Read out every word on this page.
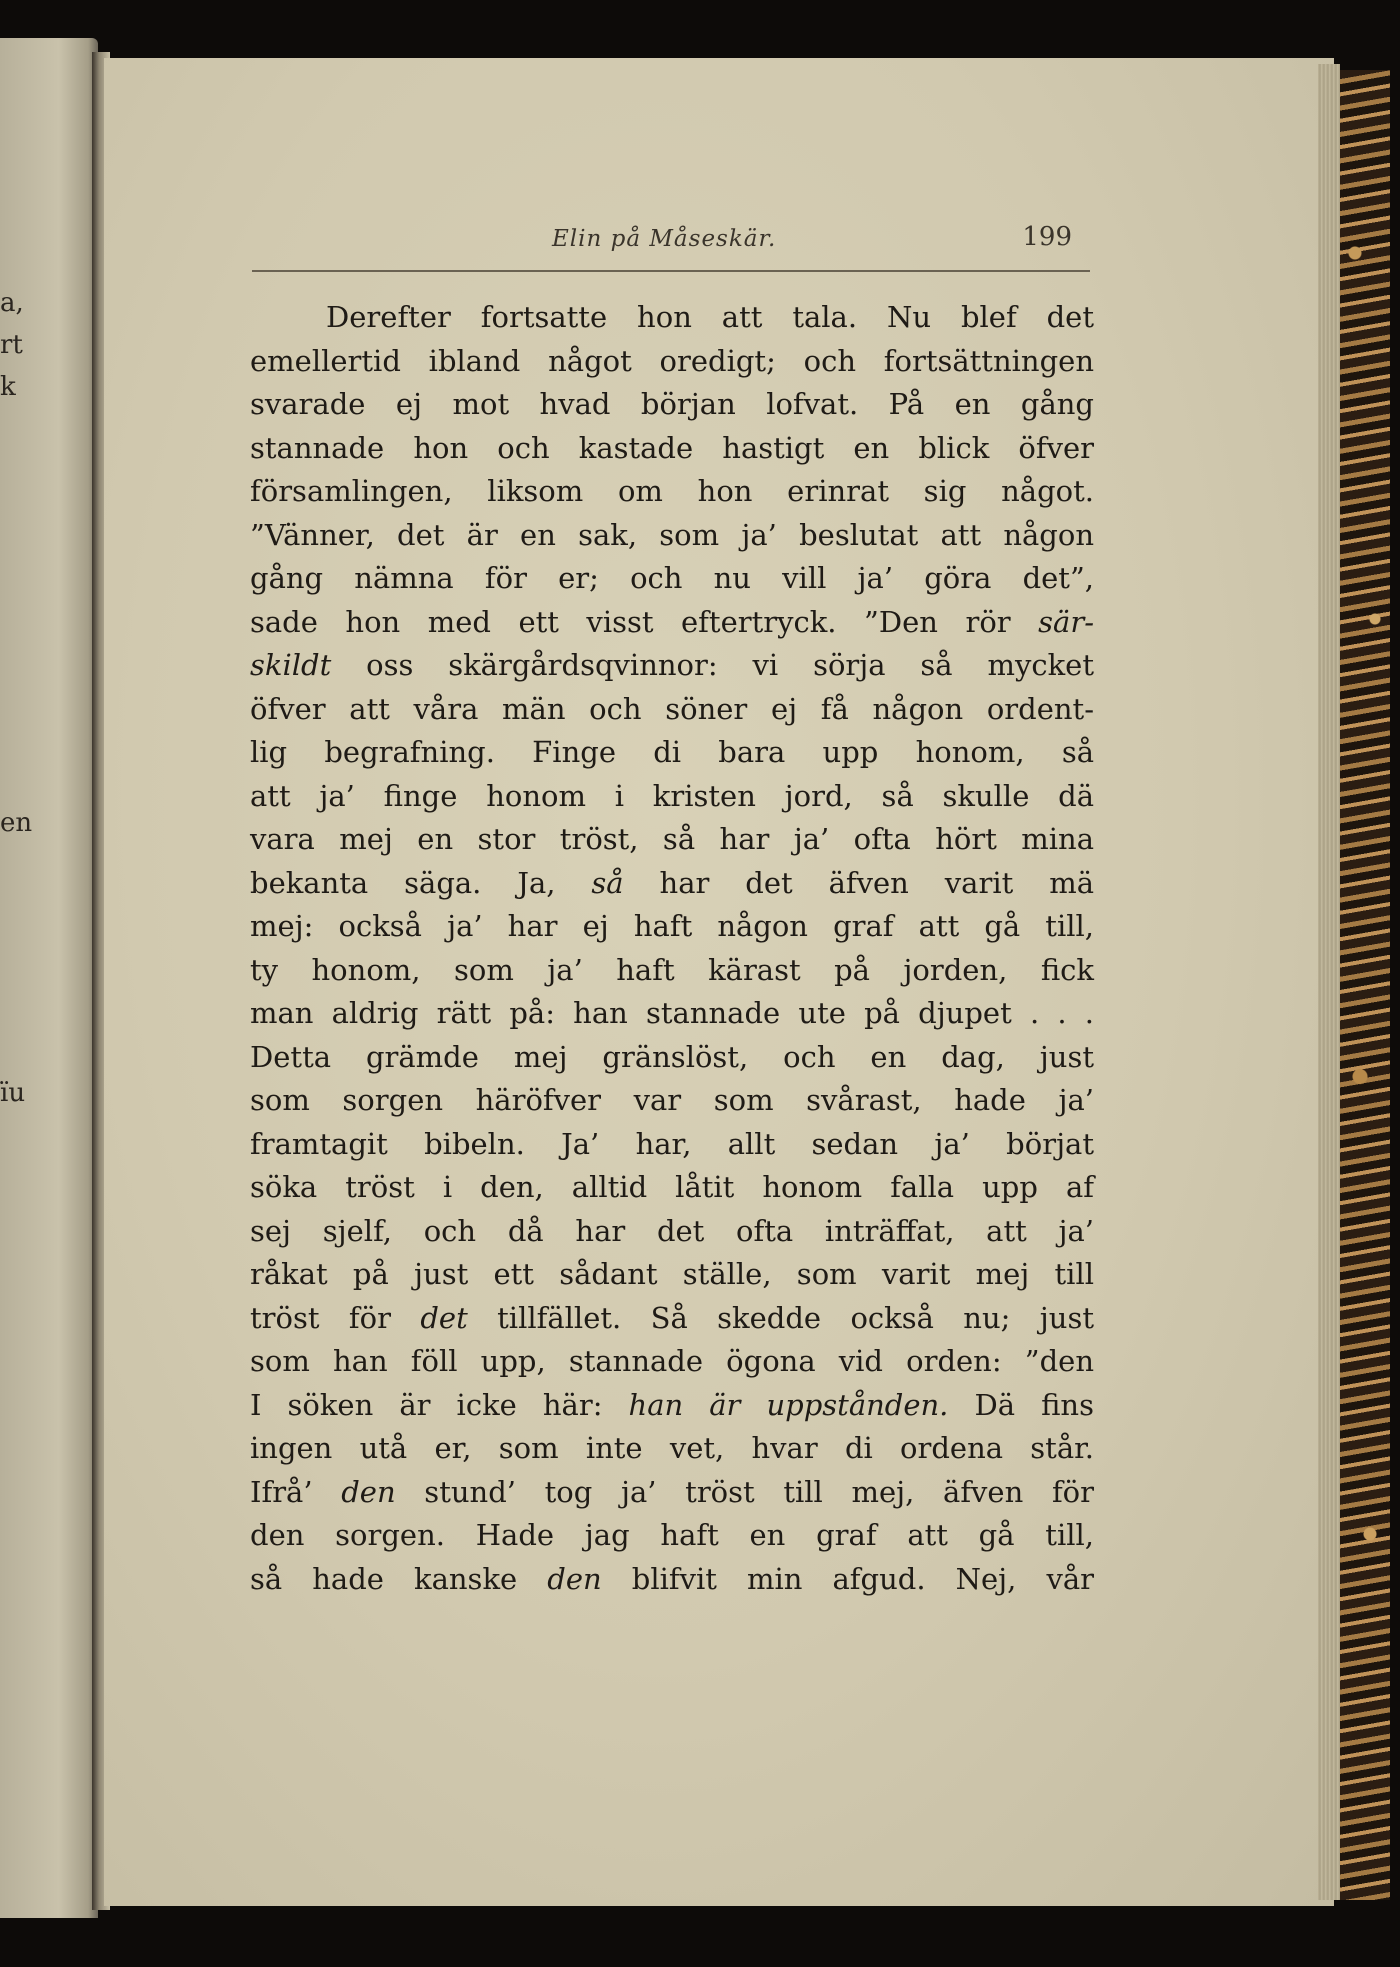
a,
rt
k
en
ïu
Elin på Måseskär.	199
Derefter fortsatte hon att tala. Nu blef det
emellertid ibland något oredigt; och fortsättningen
svarade ej mot hvad början lofvat. På en gång
stannade hon och kastade hastigt en blick öfver
församlingen, liksom om hon erinrat sig något.
”Vänner, det är en sak, som ja’ beslutat att någon
gång nämna för er; och nu vill ja’ göra det”,
sade hon med ett visst eftertryck. ”Den rör sär-
skildt oss skärgårdsqvinnor: vi sörja så mycket
öfver att våra män och söner ej få någon ordent-
lig begrafning. Finge di bara upp honom, så
att ja’ finge honom i kristen jord, så skulle dä
vara mej en stor tröst, så har ja’ ofta hört mina
bekanta säga. Ja, så har det äfven varit mä
mej: också ja’ har ej haft någon graf att gå till,
ty honom, som ja’ haft kärast på jorden, fick
man aldrig rätt på: han stannade ute på djupet . . .
Detta grämde mej gränslöst, och en dag, just
som sorgen häröfver var som svårast, hade ja’
framtagit bibeln. Ja’ har, allt sedan ja’ börjat
söka tröst i den, alltid låtit honom falla upp af
sej sjelf, och då har det ofta inträffat, att ja’
råkat på just ett sådant ställe, som varit mej till
tröst för det tillfället. Så skedde också nu; just
som han föll upp, stannade ögona vid orden: ”den
I söken är icke här: han är uppstånden. Dä fins
ingen utå er, som inte vet, hvar di ordena står.
Ifrå’ den stund’ tog ja’ tröst till mej, äfven för
den sorgen. Hade jag haft en graf att gå till,
så hade kanske den blifvit min afgud. Nej, vår
